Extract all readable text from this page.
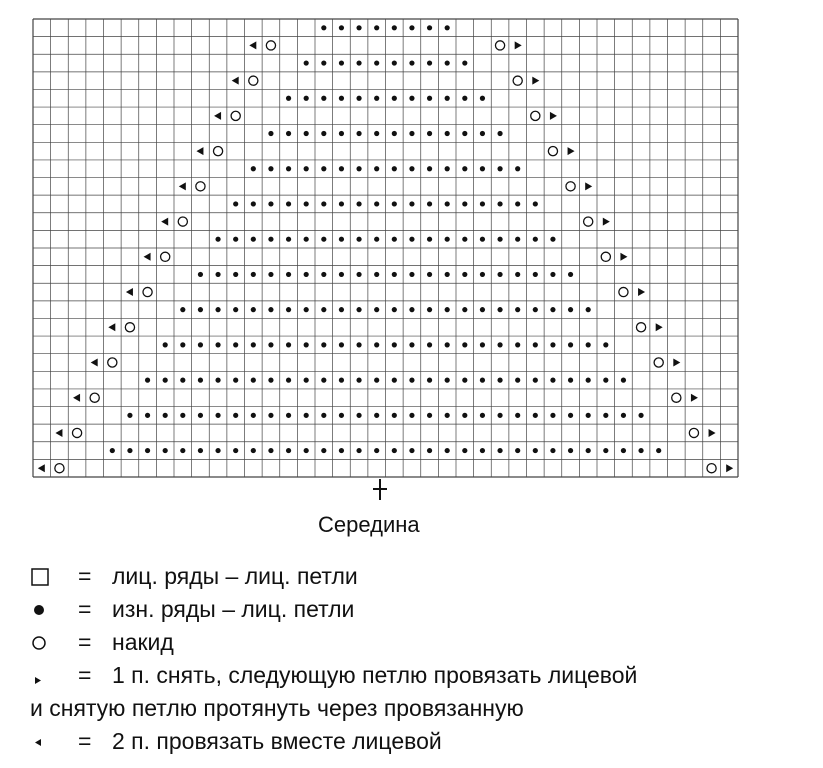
Середина
= лиц. ряды – лиц. петли
= изн. ряды – лиц. петли
= накид
= 1 п. снять, следующую петлю провязать лицевой
и снятую петлю протянуть через провязанную
= 2 п. провязать вместе лицевой
